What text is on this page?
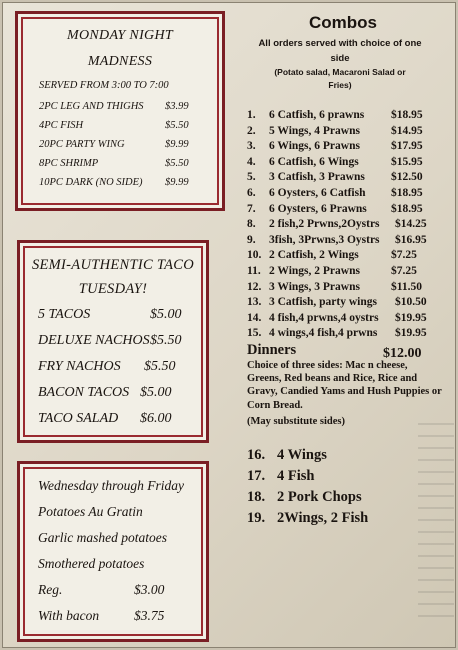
MONDAY NIGHT
MADNESS
SERVED FROM 3:00 TO 7:00
2PC LEG AND THIGHS $3.99
4PC FISH	$5.50
20PC PARTY WING	$9.99
8PC SHRIMP	$5.50
10PC DARK (NO SIDE) $9.99
SEMI-AUTHENTIC TACO
TUESDAY!
5 TACOS	$5.00
DELUXE NACHOS $5.50
FRY NACHOS $5.50
BACON TACOS $5.00
TACO SALAD $6.00
Wednesday through Friday
Potatoes Au Gratin
Garlic mashed potatoes
Smothered potatoes
Reg.	$3.00
With bacon	$3.75
Combos
All orders served with choice of one
side
(Potato salad, Macaroni Salad or
Fries)
1. 6 Catfish, 6 prawns $18.95
2. 5 Wings, 4 Prawns	$14.95
3. 6 Wings, 6 Prawns	$17.95
4. 6 Catfish, 6 Wings	$15.95
5. 3 Catfish, 3 Prawns $12.50
6. 6 Oysters, 6 Catfish $18.95
7. 6 Oysters, 6 Prawns $18.95
8. 2 fish,2 Prwns,2Oystrs $14.25
9. 3fish, 3Prwns,3 Oystrs $16.95
10. 2 Catfish, 2 Wings	$7.25
11. 2 Wings, 2 Prawns	$7.25
12. 3 Wings, 3 Prawns	$11.50
13. 3 Catfish, party wings $10.50
14. 4 fish,4 prwns,4 oystrs $19.95
15. 4 wings,4 fish,4 prwns $19.95
Dinners	$12.00
Choice of three sides: Mac n cheese, Greens, Red beans and Rice, Rice and Gravy, Candied Yams and Hush Puppies or Corn Bread.
(May substitute sides)
16. 4 Wings
17. 4 Fish
18. 2 Pork Chops
19. 2Wings, 2 Fish
